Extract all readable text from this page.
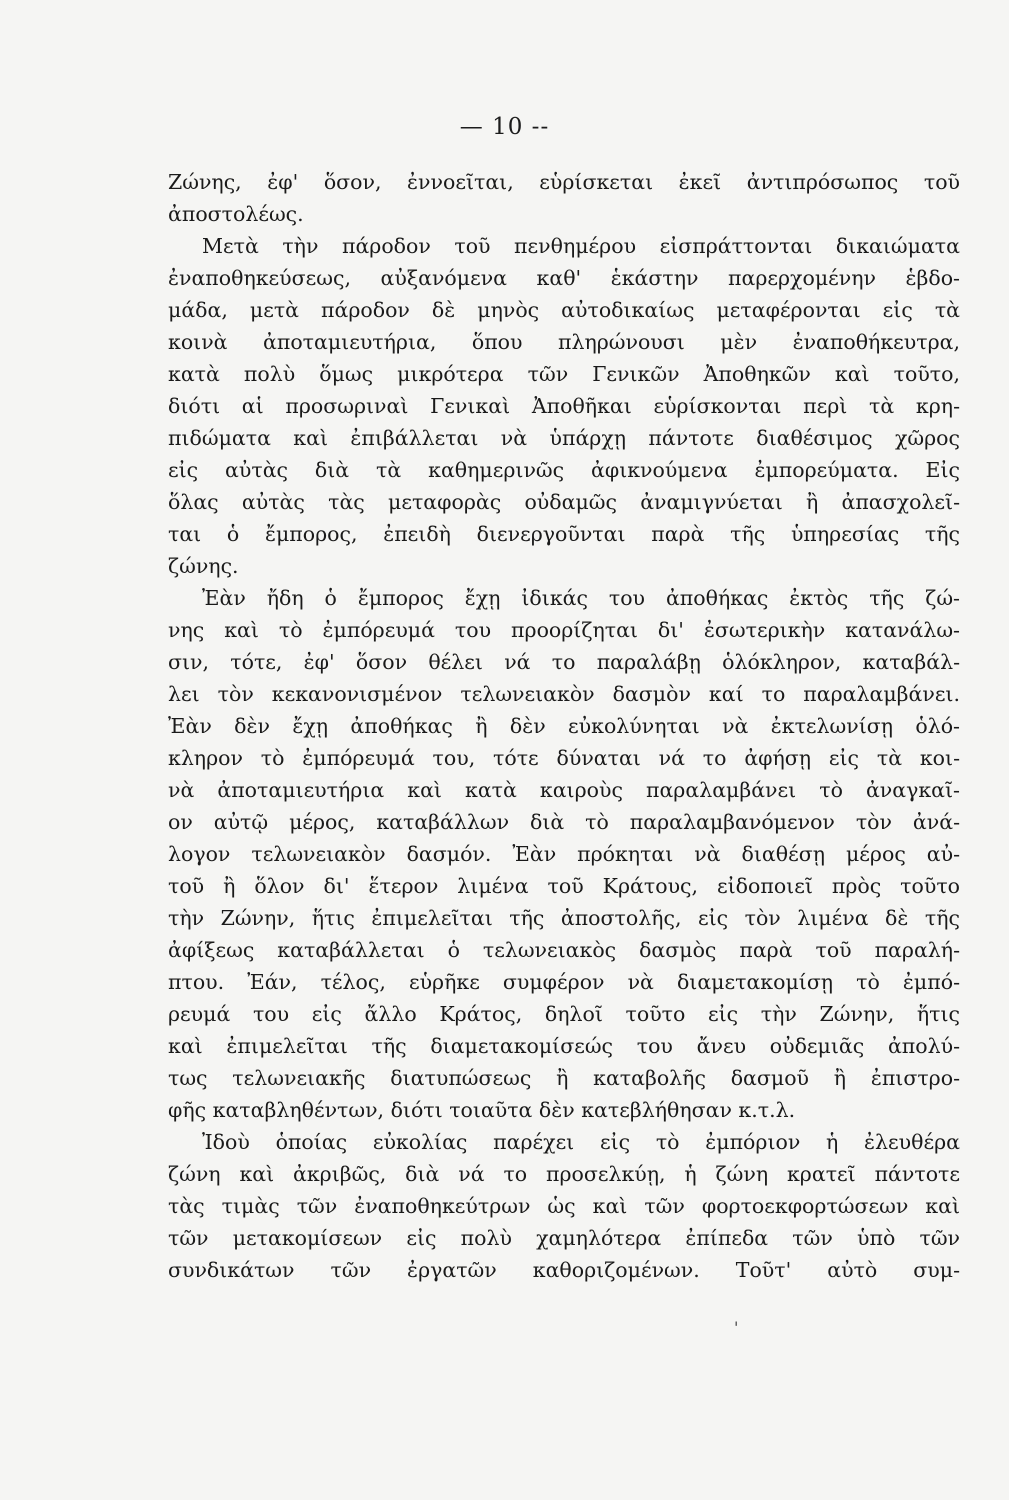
— 10 --
Ζώνης, ἐφ' ὅσον, ἐννοεῖται, εὑρίσκεται ἐκεῖ ἀντιπρόσωπος τοῦ
ἀποστολέως.
Μετὰ τὴν πάροδον τοῦ πενθημέρου εἰσπράττονται δικαιώματα
ἐναποθηκεύσεως, αὐξανόμενα καθ' ἑκάστην παρερχομένην ἑβδο-
μάδα, μετὰ πάροδον δὲ μηνὸς αὐτοδικαίως μεταφέρονται εἰς τὰ
κοινὰ ἀποταμιευτήρια, ὅπου πληρώνουσι μὲν ἐναποθήκευτρα,
κατὰ πολὺ ὅμως μικρότερα τῶν Γενικῶν Ἀποθηκῶν καὶ τοῦτο,
διότι αἱ προσωριναὶ Γενικαὶ Ἀποθῆκαι εὑρίσκονται περὶ τὰ κρη-
πιδώματα καὶ ἐπιβάλλεται νὰ ὑπάρχῃ πάντοτε διαθέσιμος χῶρος
εἰς αὐτὰς διὰ τὰ καθημερινῶς ἀφικνούμενα ἐμπορεύματα. Εἰς
ὅλας αὐτὰς τὰς μεταφορὰς οὐδαμῶς ἀναμιγνύεται ἢ ἀπασχολεῖ-
ται ὁ ἔμπορος, ἐπειδὴ διενεργοῦνται παρὰ τῆς ὑπηρεσίας τῆς
ζώνης.
Ἐὰν ἤδη ὁ ἔμπορος ἔχῃ ἰδικάς του ἀποθήκας ἐκτὸς τῆς ζώ-
νης καὶ τὸ ἐμπόρευμά του προορίζηται δι' ἐσωτερικὴν κατανάλω-
σιν, τότε, ἐφ' ὅσον θέλει νά το παραλάβῃ ὁλόκληρον, καταβάλ-
λει τὸν κεκανονισμένον τελωνειακὸν δασμὸν καί το παραλαμβάνει.
Ἐὰν δὲν ἔχῃ ἀποθήκας ἢ δὲν εὐκολύνηται νὰ ἐκτελωνίσῃ ὁλό-
κληρον τὸ ἐμπόρευμά του, τότε δύναται νά το ἀφήσῃ εἰς τὰ κοι-
νὰ ἀποταμιευτήρια καὶ κατὰ καιροὺς παραλαμβάνει τὸ ἀναγκαῖ-
ον αὐτῷ μέρος, καταβάλλων διὰ τὸ παραλαμβανόμενον τὸν ἀνά-
λογον τελωνειακὸν δασμόν. Ἐὰν πρόκηται νὰ διαθέσῃ μέρος αὐ-
τοῦ ἢ ὅλον δι' ἕτερον λιμένα τοῦ Κράτους, εἰδοποιεῖ πρὸς τοῦτο
τὴν Ζώνην, ἥτις ἐπιμελεῖται τῆς ἀποστολῆς, εἰς τὸν λιμένα δὲ τῆς
ἀφίξεως καταβάλλεται ὁ τελωνειακὸς δασμὸς παρὰ τοῦ παραλή-
πτου. Ἐάν, τέλος, εὑρῆκε συμφέρον νὰ διαμετακομίσῃ τὸ ἐμπό-
ρευμά του εἰς ἄλλο Κράτος, δηλοῖ τοῦτο εἰς τὴν Ζώνην, ἥτις
καὶ ἐπιμελεῖται τῆς διαμετακομίσεώς του ἄνευ οὐδεμιᾶς ἀπολύ-
τως τελωνειακῆς διατυπώσεως ἢ καταβολῆς δασμοῦ ἢ ἐπιστρο-
φῆς καταβληθέντων, διότι τοιαῦτα δὲν κατεβλήθησαν κ.τ.λ.
Ἰδοὺ ὁποίας εὐκολίας παρέχει εἰς τὸ ἐμπόριον ἡ ἐλευθέρα
ζώνη καὶ ἀκριβῶς, διὰ νά το προσελκύῃ, ἡ ζώνη κρατεῖ πάντοτε
τὰς τιμὰς τῶν ἐναποθηκεύτρων ὡς καὶ τῶν φορτοεκφορτώσεων καὶ
τῶν μετακομίσεων εἰς πολὺ χαμηλότερα ἐπίπεδα τῶν ὑπὸ τῶν
συνδικάτων τῶν ἐργατῶν καθοριζομένων. Τοῦτ' αὐτὸ συμ-
'
